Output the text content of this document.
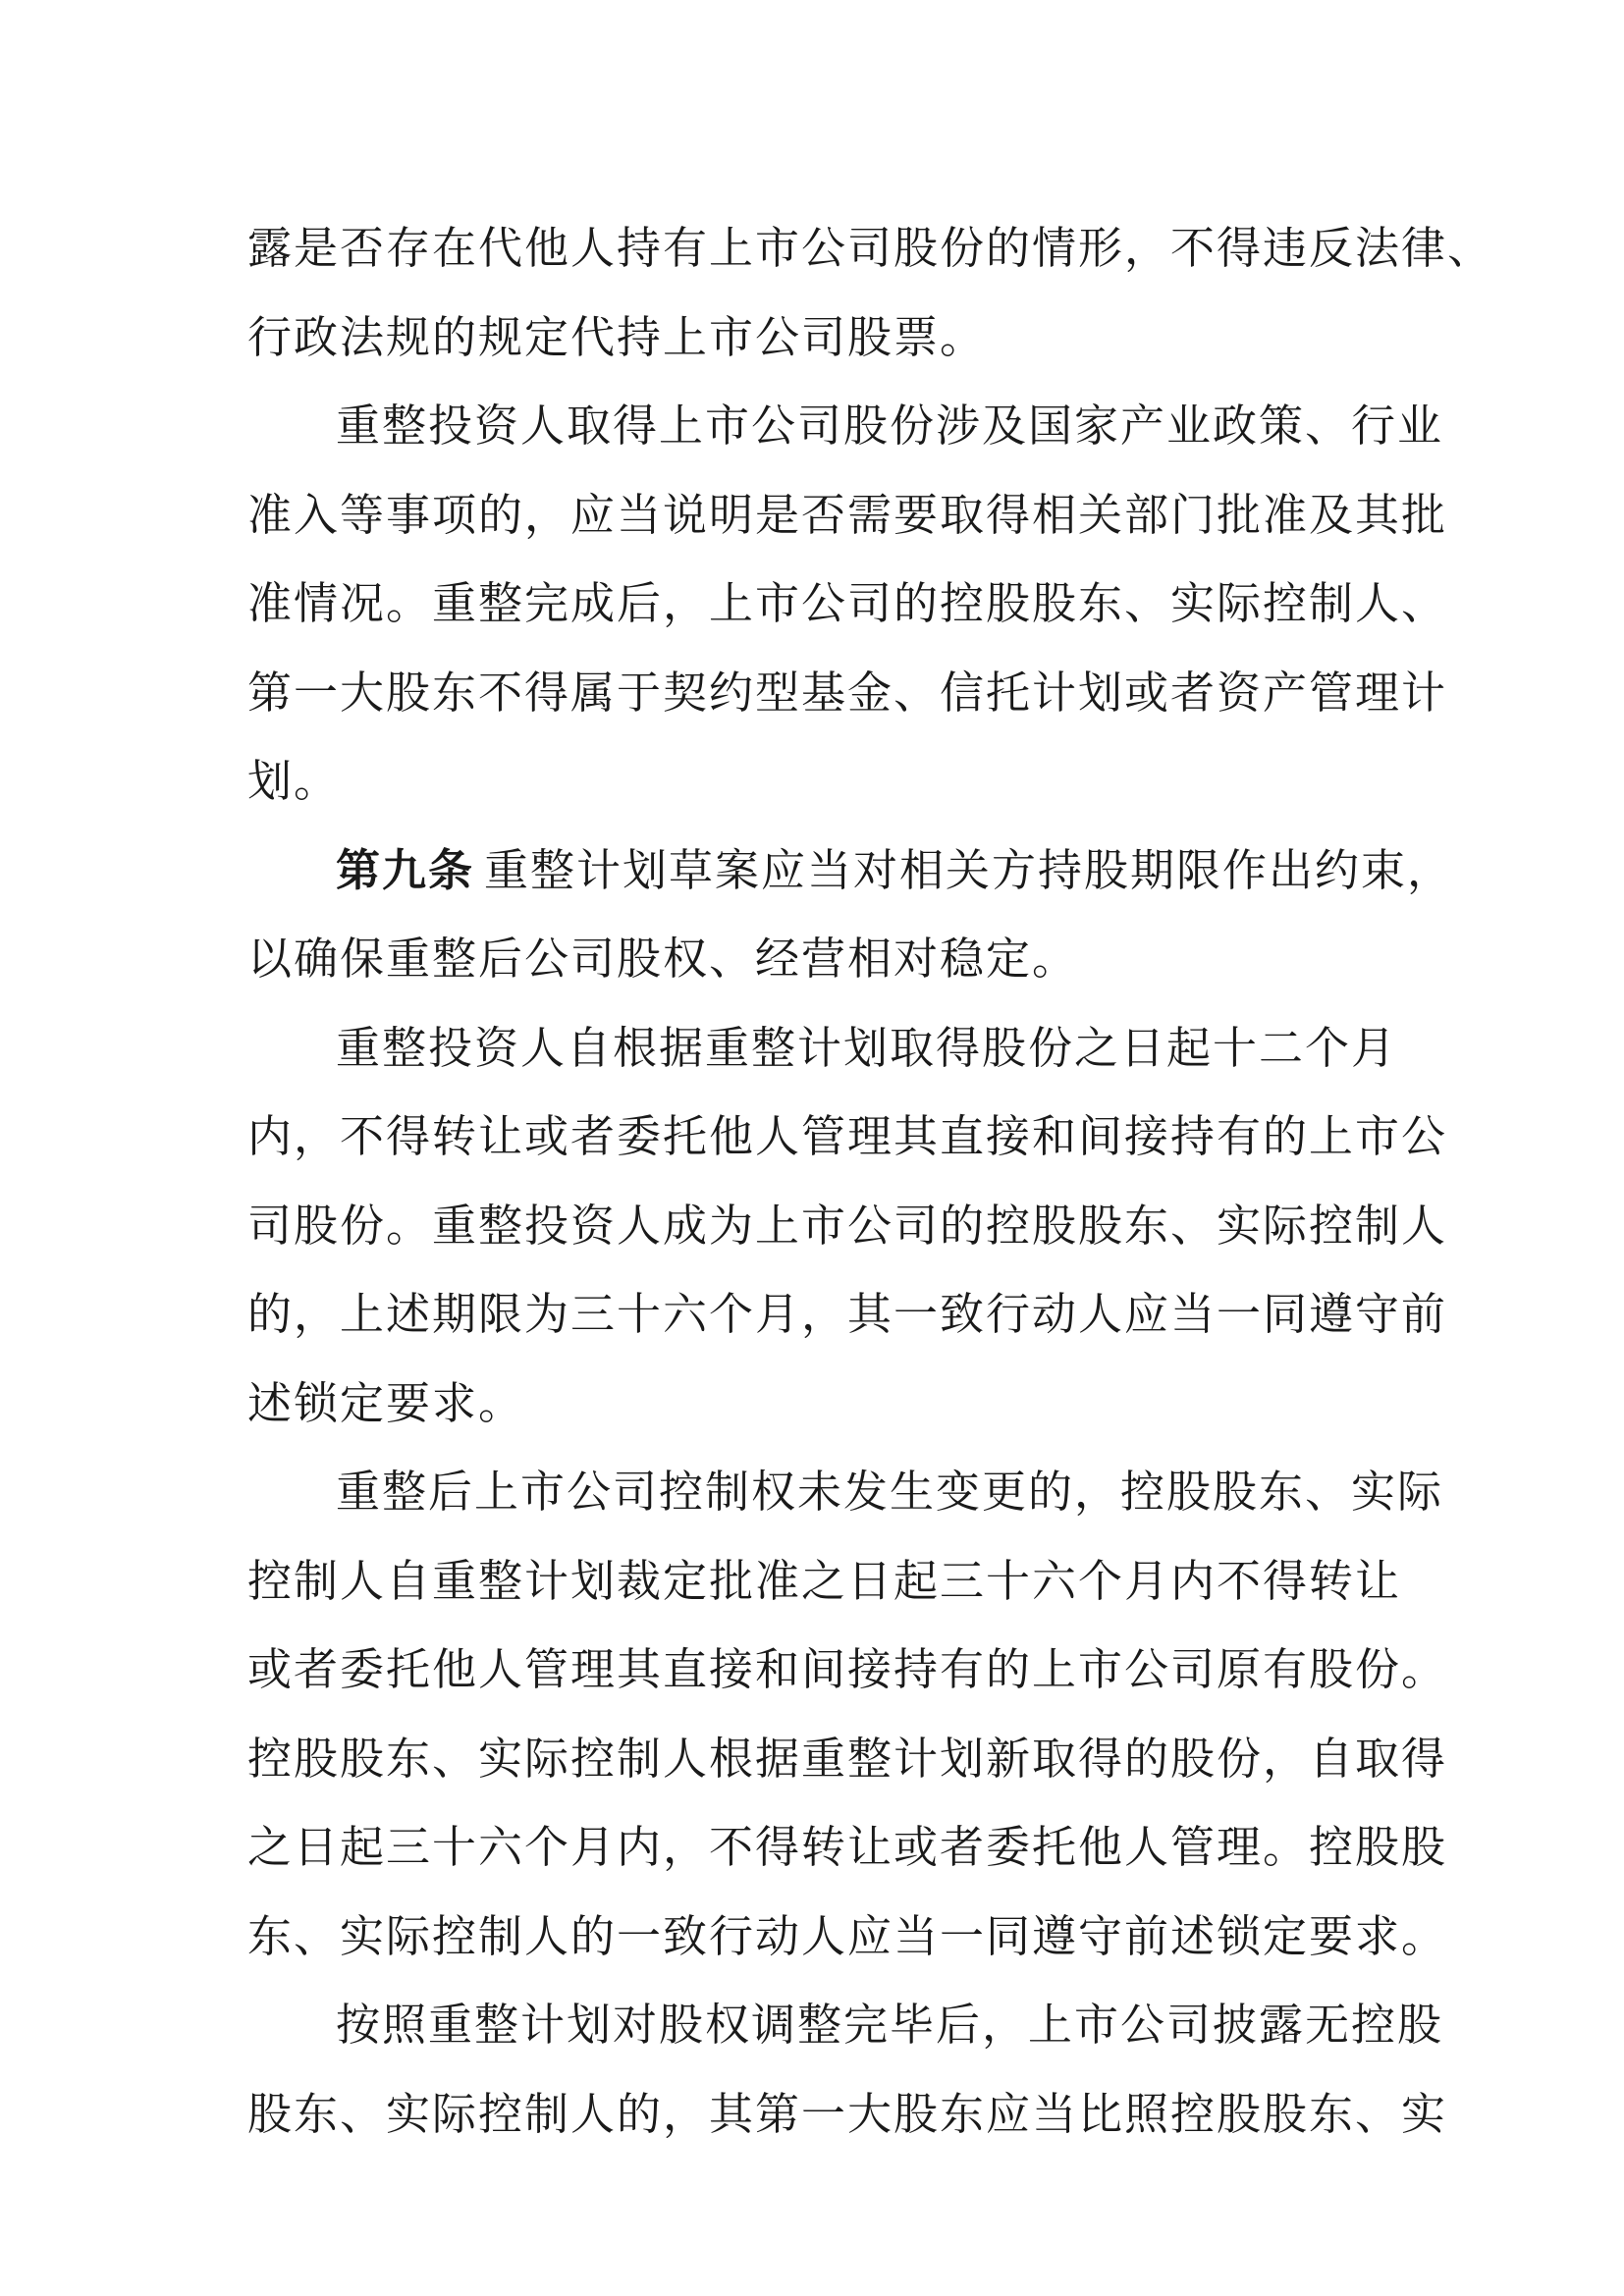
露是否存在代他人持有上市公司股份的情形，不得违反法律、
行政法规的规定代持上市公司股票。
重整投资人取得上市公司股份涉及国家产业政策、行业
准入等事项的，应当说明是否需要取得相关部门批准及其批
准情况。重整完成后，上市公司的控股股东、实际控制人、
第一大股东不得属于契约型基金、信托计划或者资产管理计
划。
第九条 重整计划草案应当对相关方持股期限作出约束，
以确保重整后公司股权、经营相对稳定。
重整投资人自根据重整计划取得股份之日起十二个月
内，不得转让或者委托他人管理其直接和间接持有的上市公
司股份。重整投资人成为上市公司的控股股东、实际控制人
的，上述期限为三十六个月，其一致行动人应当一同遵守前
述锁定要求。
重整后上市公司控制权未发生变更的，控股股东、实际
控制人自重整计划裁定批准之日起三十六个月内不得转让
或者委托他人管理其直接和间接持有的上市公司原有股份。
控股股东、实际控制人根据重整计划新取得的股份，自取得
之日起三十六个月内，不得转让或者委托他人管理。控股股
东、实际控制人的一致行动人应当一同遵守前述锁定要求。
按照重整计划对股权调整完毕后，上市公司披露无控股
股东、实际控制人的，其第一大股东应当比照控股股东、实
